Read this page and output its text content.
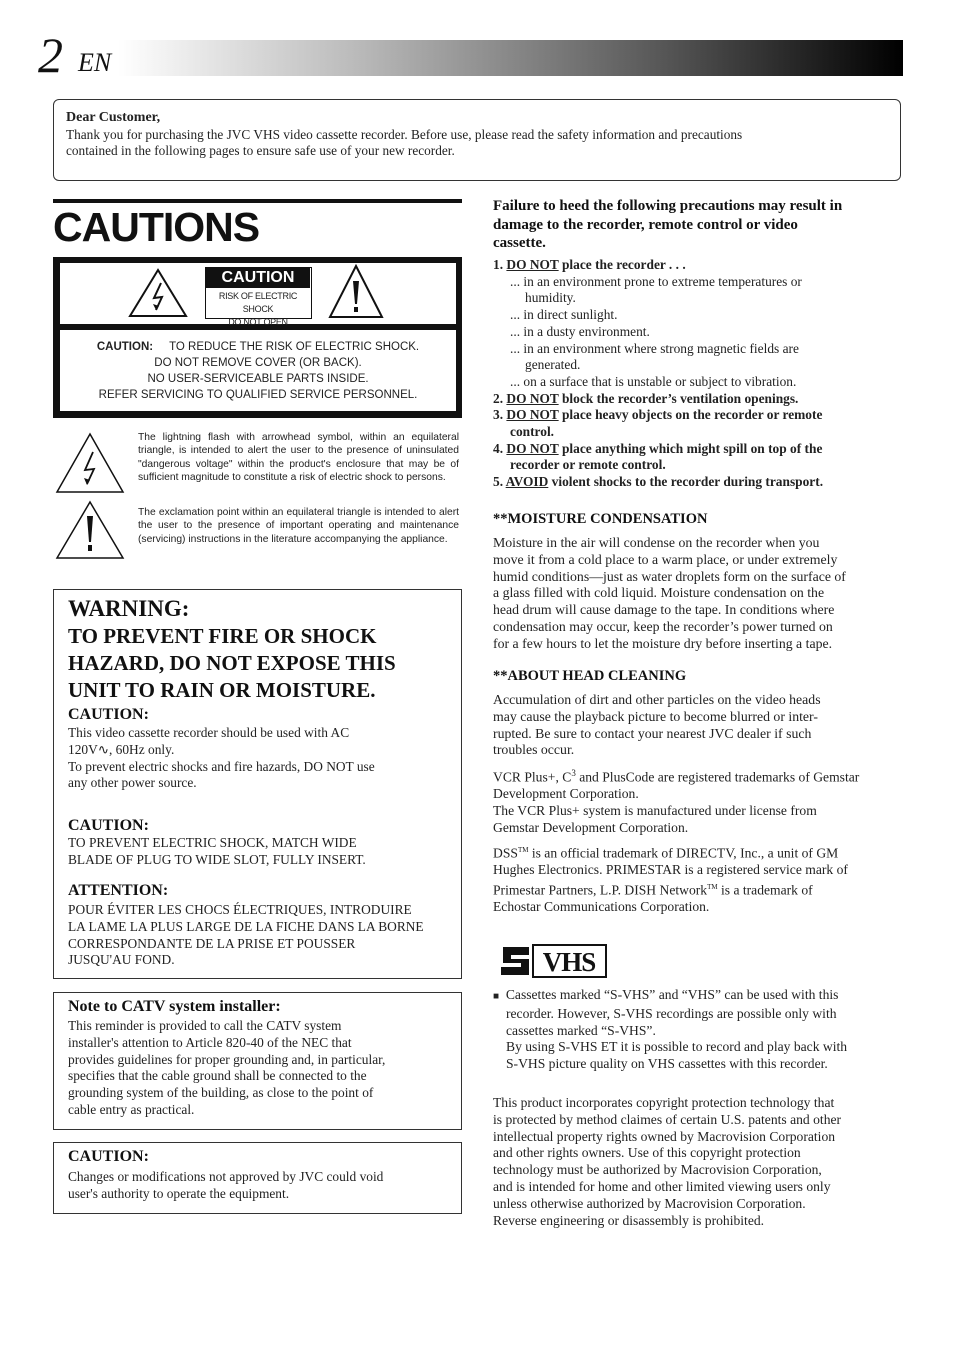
2 EN
Dear Customer,
Thank you for purchasing the JVC VHS video cassette recorder. Before use, please read the safety information and precautions
contained in the following pages to ensure safe use of your new recorder.
CAUTIONS
CAUTION
RISK OF ELECTRIC SHOCK
DO NOT OPEN
CAUTION: TO REDUCE THE RISK OF ELECTRIC SHOCK.
DO NOT REMOVE COVER (OR BACK).
NO USER-SERVICEABLE PARTS INSIDE.
REFER SERVICING TO QUALIFIED SERVICE PERSONNEL.
The lightning flash with arrowhead symbol, within an equilateral triangle, is intended to alert the user to the presence of uninsulated "dangerous voltage" within the product's enclosure that may be of sufficient magnitude to constitute a risk of electric shock to persons.
The exclamation point within an equilateral triangle is intended to alert the user to the presence of important operating and maintenance (servicing) instructions in the literature accompanying the appliance.
WARNING:
TO PREVENT FIRE OR SHOCK
HAZARD, DO NOT EXPOSE THIS
UNIT TO RAIN OR MOISTURE.
CAUTION:
This video cassette recorder should be used with AC
120V∿, 60Hz only.
To prevent electric shocks and fire hazards, DO NOT use
any other power source.
CAUTION:
TO PREVENT ELECTRIC SHOCK, MATCH WIDE
BLADE OF PLUG TO WIDE SLOT, FULLY INSERT.
ATTENTION:
POUR ÉVITER LES CHOCS ÉLECTRIQUES, INTRODUIRE
LA LAME LA PLUS LARGE DE LA FICHE DANS LA BORNE
CORRESPONDANTE DE LA PRISE ET POUSSER
JUSQU'AU FOND.
Note to CATV system installer:
This reminder is provided to call the CATV system
installer's attention to Article 820-40 of the NEC that
provides guidelines for proper grounding and, in particular,
specifies that the cable ground shall be connected to the
grounding system of the building, as close to the point of
cable entry as practical.
CAUTION:
Changes or modifications not approved by JVC could void
user's authority to operate the equipment.
Failure to heed the following precautions may result in
damage to the recorder, remote control or video
cassette.
1. DO NOT place the recorder . . .
... in an environment prone to extreme temperatures or
humidity.
... in direct sunlight.
... in a dusty environment.
... in an environment where strong magnetic fields are
generated.
... on a surface that is unstable or subject to vibration.
2. DO NOT block the recorder’s ventilation openings.
3. DO NOT place heavy objects on the recorder or remote
control.
4. DO NOT place anything which might spill on top of the
recorder or remote control.
5. AVOID violent shocks to the recorder during transport.
**MOISTURE CONDENSATION
Moisture in the air will condense on the recorder when you
move it from a cold place to a warm place, or under extremely
humid conditions—just as water droplets form on the surface of
a glass filled with cold liquid. Moisture condensation on the
head drum will cause damage to the tape. In conditions where
condensation may occur, keep the recorder’s power turned on
for a few hours to let the moisture dry before inserting a tape.
**ABOUT HEAD CLEANING
Accumulation of dirt and other particles on the video heads
may cause the playback picture to become blurred or inter-
rupted. Be sure to contact your nearest JVC dealer if such
troubles occur.
VCR Plus+, $C^3$ and PlusCode are registered trademarks of Gemstar
Development Corporation.
The VCR Plus+ system is manufactured under license from
Gemstar Development Corporation.
DSS™ is an official trademark of DIRECTV, Inc., a unit of GM
Hughes Electronics. PRIMESTAR is a registered service mark of
Primestar Partners, L.P. DISH Network™ is a trademark of
Echostar Communications Corporation.
VHS
■ Cassettes marked “S-VHS” and “VHS” can be used with this
recorder. However, S-VHS recordings are possible only with
cassettes marked “S-VHS”.
By using S-VHS ET it is possible to record and play back with
S-VHS picture quality on VHS cassettes with this recorder.
This product incorporates copyright protection technology that
is protected by method claimes of certain U.S. patents and other
intellectual property rights owned by Macrovision Corporation
and other rights owners. Use of this copyright protection
technology must be authorized by Macrovision Corporation,
and is intended for home and other limited viewing users only
unless otherwise authorized by Macrovision Corporation.
Reverse engineering or disassembly is prohibited.
